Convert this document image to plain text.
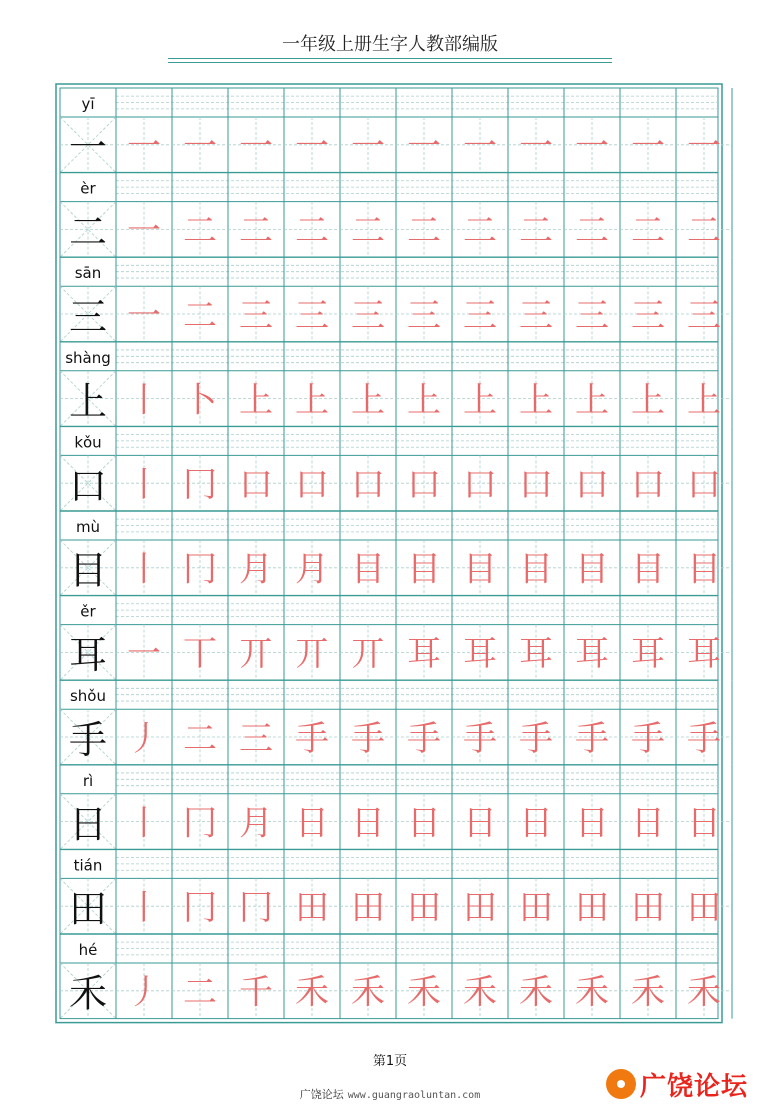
一年级上册生字人教部编版
yī
一 一 一 一 一 一 一 一 一 一 一 一
èr
二 一 二 二 二 二 二 二 二 二 二 二
sān
三 一 二 三 三 三 三 三 三 三 三 三
shàng
上 丨 卜 上 上 上 上 上 上 上 上 上
kǒu
口 丨 冂 口 口 口 口 口 口 口 口 口
mù
目 丨 冂 月 月 目 目 目 目 目 目 目
ěr
耳 一 丅 丌 丌 丌 耳 耳 耳 耳 耳 耳
shǒu
手 丿 二 三 手 手 手 手 手 手 手 手
rì
日 丨 冂 月 日 日 日 日 日 日 日 日
tián
田 丨 冂 冂 田 田 田 田 田 田 田 田
hé
禾 丿 二 千 禾 禾 禾 禾 禾 禾 禾 禾
第1页
广饶论坛 www.guangraoluntan.com	广饶论坛
